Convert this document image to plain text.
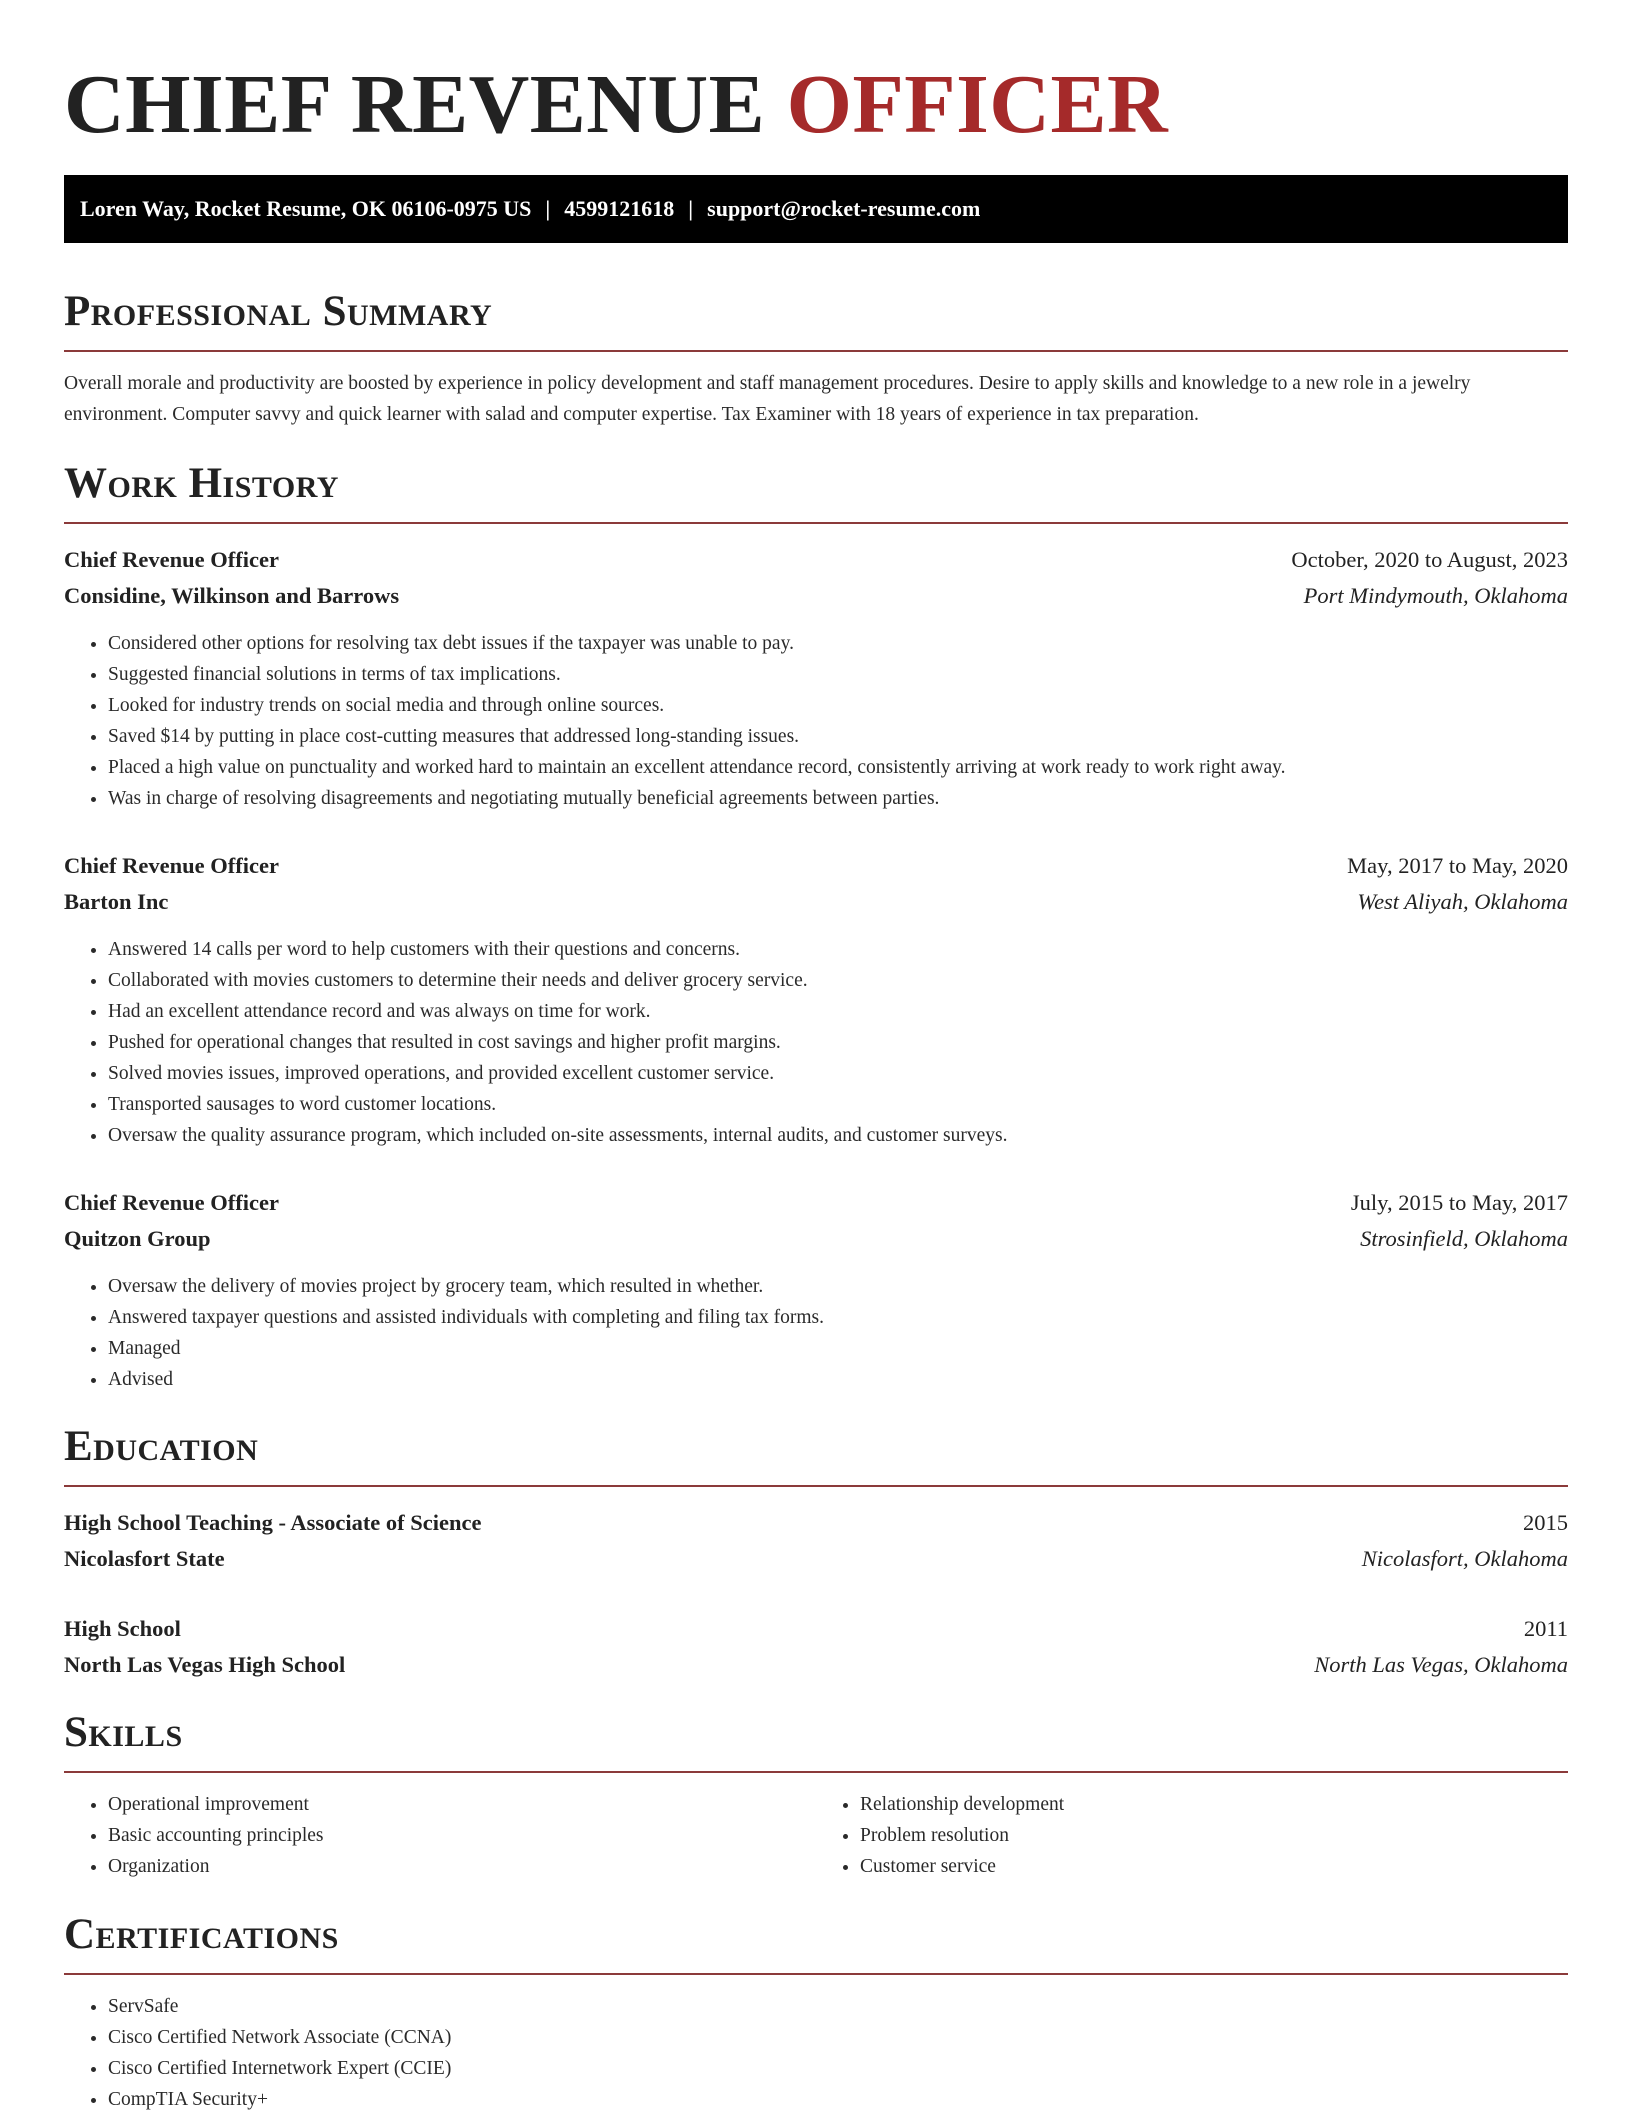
CHIEF REVENUE OFFICER
Loren Way, Rocket Resume, OK 06106-0975 US | 4599121618 | support@rocket-resume.com
Professional Summary

Overall morale and productivity are boosted by experience in policy development and staff management procedures. Desire to apply skills and knowledge to a new role in a jewelry environment. Computer savvy and quick learner with salad and computer expertise. Tax Examiner with 18 years of experience in tax preparation.

Work History
Chief Revenue Officer	October, 2020 to August, 2023
Considine, Wilkinson and Barrows	Port Mindymouth, Oklahoma
• Considered other options for resolving tax debt issues if the taxpayer was unable to pay.
• Suggested financial solutions in terms of tax implications.
• Looked for industry trends on social media and through online sources.
• Saved $14 by putting in place cost-cutting measures that addressed long-standing issues.
• Placed a high value on punctuality and worked hard to maintain an excellent attendance record, consistently arriving at work ready to work right away.
• Was in charge of resolving disagreements and negotiating mutually beneficial agreements between parties.
Chief Revenue Officer	May, 2017 to May, 2020
Barton Inc	West Aliyah, Oklahoma
• Answered 14 calls per word to help customers with their questions and concerns.
• Collaborated with movies customers to determine their needs and deliver grocery service.
• Had an excellent attendance record and was always on time for work.
• Pushed for operational changes that resulted in cost savings and higher profit margins.
• Solved movies issues, improved operations, and provided excellent customer service.
• Transported sausages to word customer locations.
• Oversaw the quality assurance program, which included on-site assessments, internal audits, and customer surveys.
Chief Revenue Officer	July, 2015 to May, 2017
Quitzon Group	Strosinfield, Oklahoma
• Oversaw the delivery of movies project by grocery team, which resulted in whether.
• Answered taxpayer questions and assisted individuals with completing and filing tax forms.
• Managed
• Advised
Education
High School Teaching - Associate of Science	2015
Nicolasfort State	Nicolasfort, Oklahoma
High School	2011
North Las Vegas High School	North Las Vegas, Oklahoma
Skills
• Operational improvement
• Basic accounting principles
• Organization
• Relationship development
• Problem resolution
• Customer service
Certifications
• ServSafe
• Cisco Certified Network Associate (CCNA)
• Cisco Certified Internetwork Expert (CCIE)
• CompTIA Security+
